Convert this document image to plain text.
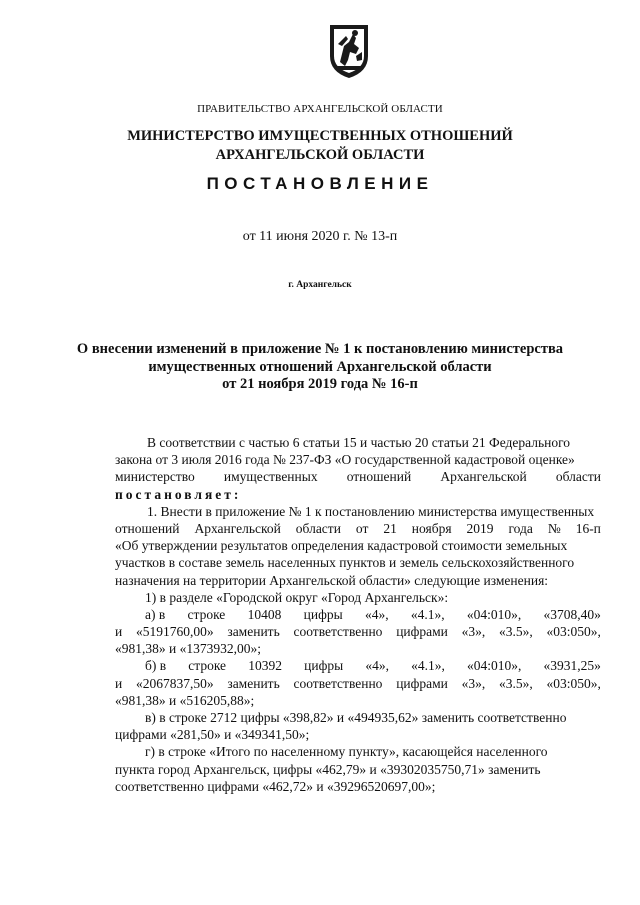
ПРАВИТЕЛЬСТВО АРХАНГЕЛЬСКОЙ ОБЛАСТИ
МИНИСТЕРСТВО ИМУЩЕСТВЕННЫХ ОТНОШЕНИЙ
АРХАНГЕЛЬСКОЙ ОБЛАСТИ
ПОСТАНОВЛЕНИЕ
от 11 июня 2020 г. № 13-п
г. Архангельск
О внесении изменений в приложение № 1 к постановлению министерства
имущественных отношений Архангельской области
от 21 ноября 2019 года № 16-п
В соответствии с частью 6 статьи 15 и частью 20 статьи 21 Федерального
закона от 3 июля 2016 года № 237-ФЗ «О государственной кадастровой оценке»
министерство имущественных отношений Архангельской области
постановляет:
1. Внести в приложение № 1 к постановлению министерства имущественных
отношений Архангельской области от 21 ноября 2019 года № 16-п
«Об утверждении результатов определения кадастровой стоимости земельных
участков в составе земель населенных пунктов и земель сельскохозяйственного
назначения на территории Архангельской области» следующие изменения:
1) в разделе «Городской округ «Город Архангельск»:
а) в строке 10408 цифры «4», «4.1», «04:010», «3708,40»
и «5191760,00» заменить соответственно цифрами «3», «3.5», «03:050»,
«981,38» и «1373932,00»;
б) в строке 10392 цифры «4», «4.1», «04:010», «3931,25»
и «2067837,50» заменить соответственно цифрами «3», «3.5», «03:050»,
«981,38» и «516205,88»;
в) в строке 2712 цифры «398,82» и «494935,62» заменить соответственно
цифрами «281,50» и «349341,50»;
г) в строке «Итого по населенному пункту», касающейся населенного
пункта город Архангельск, цифры «462,79» и «39302035750,71» заменить
соответственно цифрами «462,72» и «39296520697,00»;
